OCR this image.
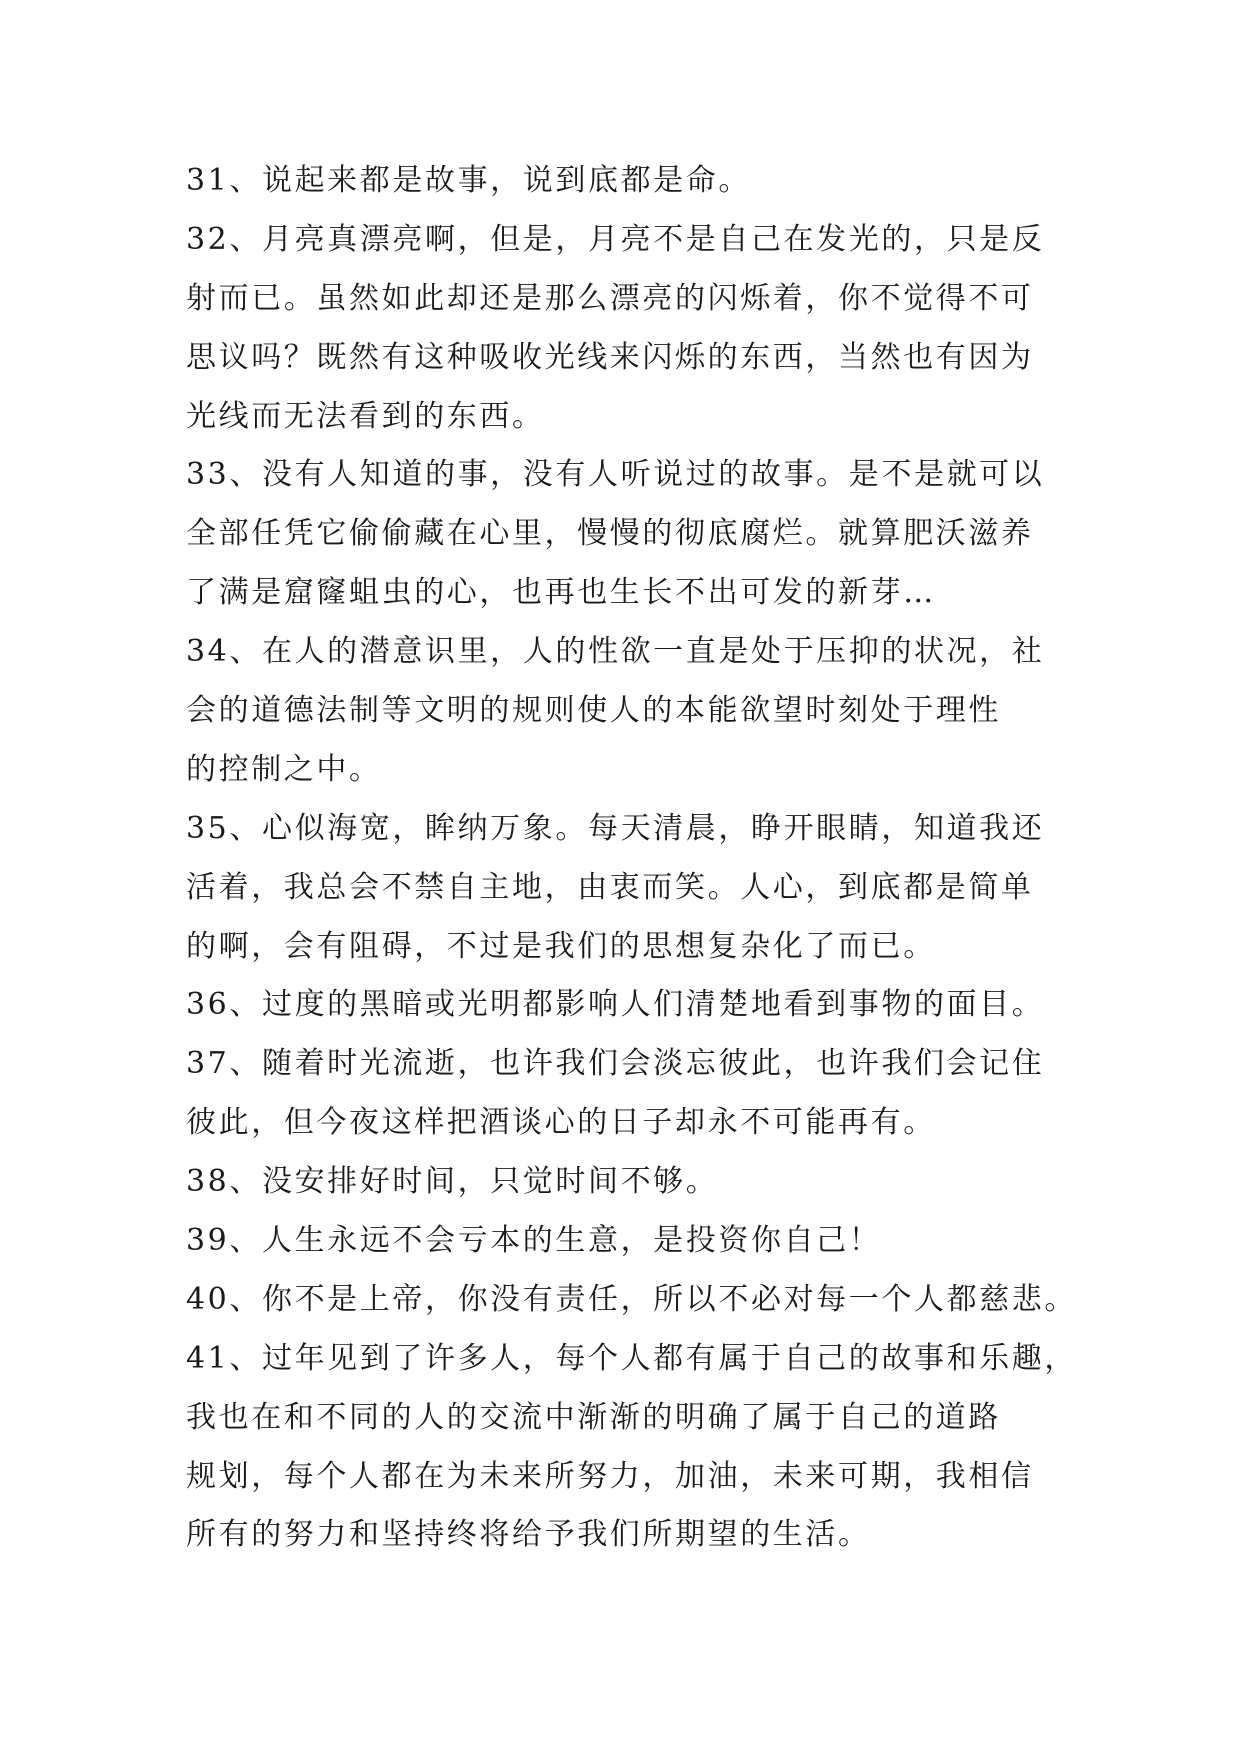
31、说起来都是故事，说到底都是命。
32、月亮真漂亮啊，但是，月亮不是自己在发光的，只是反
射而已。虽然如此却还是那么漂亮的闪烁着，你不觉得不可
思议吗？既然有这种吸收光线来闪烁的东西，当然也有因为
光线而无法看到的东西。
33、没有人知道的事，没有人听说过的故事。是不是就可以
全部任凭它偷偷藏在心里，慢慢的彻底腐烂。就算肥沃滋养
了满是窟窿蛆虫的心，也再也生长不出可发的新芽…
34、在人的潜意识里，人的性欲一直是处于压抑的状况，社
会的道德法制等文明的规则使人的本能欲望时刻处于理性
的控制之中。
35、心似海宽，眸纳万象。每天清晨，睁开眼睛，知道我还
活着，我总会不禁自主地，由衷而笑。人心，到底都是简单
的啊，会有阻碍，不过是我们的思想复杂化了而已。
36、过度的黑暗或光明都影响人们清楚地看到事物的面目。
37、随着时光流逝，也许我们会淡忘彼此，也许我们会记住
彼此，但今夜这样把酒谈心的日子却永不可能再有。
38、没安排好时间，只觉时间不够。
39、人生永远不会亏本的生意，是投资你自己！
40、你不是上帝，你没有责任，所以不必对每一个人都慈悲。
41、过年见到了许多人，每个人都有属于自己的故事和乐趣，
我也在和不同的人的交流中渐渐的明确了属于自己的道路
规划，每个人都在为未来所努力，加油，未来可期，我相信
所有的努力和坚持终将给予我们所期望的生活。
